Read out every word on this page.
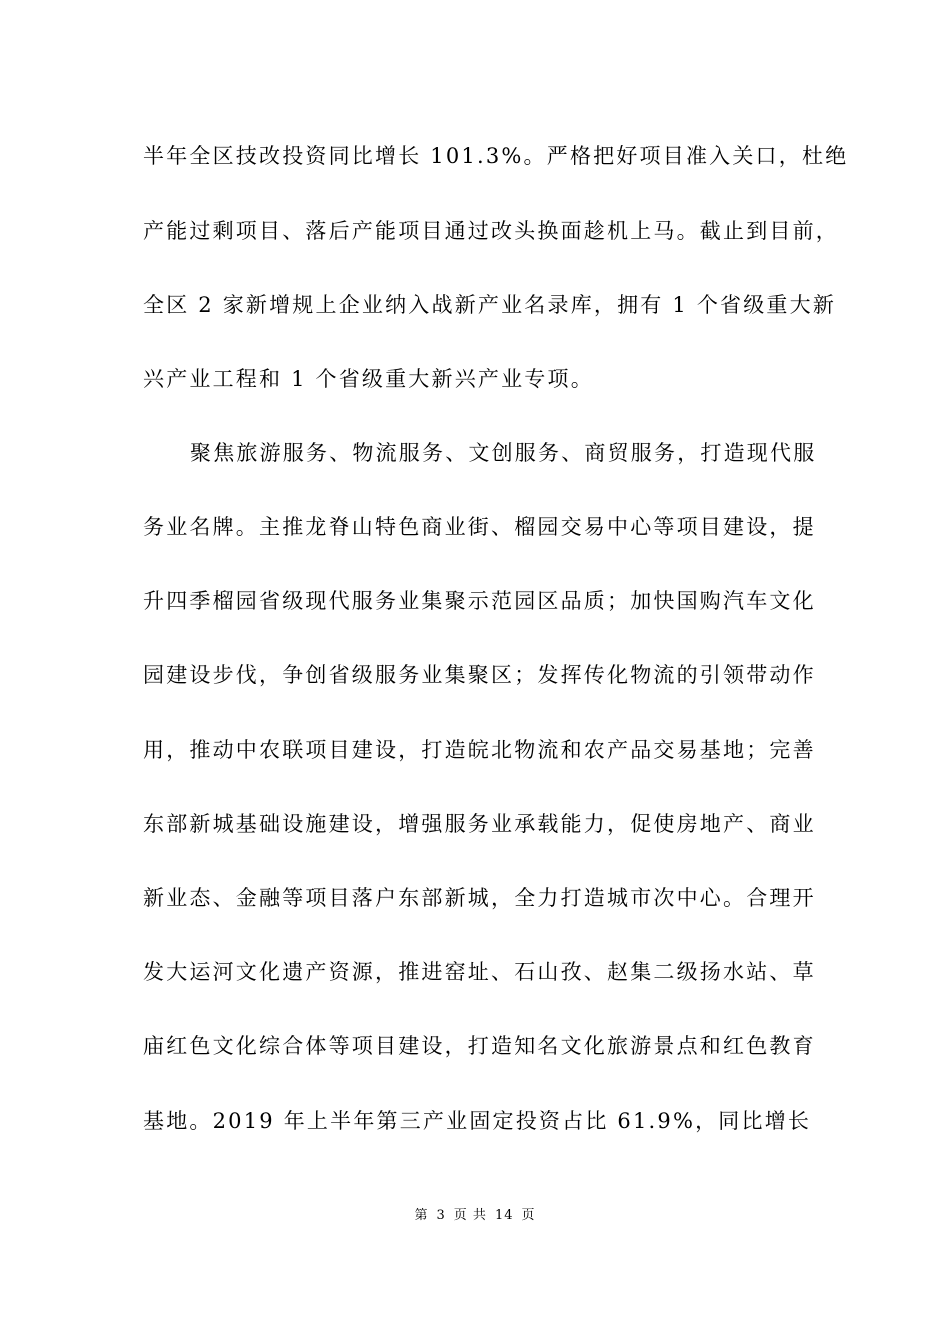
半年全区技改投资同比增长 101.3%。严格把好项目准入关口，杜绝
产能过剩项目、落后产能项目通过改头换面趁机上马。截止到目前，
全区 2 家新增规上企业纳入战新产业名录库，拥有 1 个省级重大新
兴产业工程和 1 个省级重大新兴产业专项。
聚焦旅游服务、物流服务、文创服务、商贸服务，打造现代服
务业名牌。主推龙脊山特色商业街、榴园交易中心等项目建设，提
升四季榴园省级现代服务业集聚示范园区品质；加快国购汽车文化
园建设步伐，争创省级服务业集聚区；发挥传化物流的引领带动作
用，推动中农联项目建设，打造皖北物流和农产品交易基地；完善
东部新城基础设施建设，增强服务业承载能力，促使房地产、商业
新业态、金融等项目落户东部新城，全力打造城市次中心。合理开
发大运河文化遗产资源，推进窑址、石山孜、赵集二级扬水站、草
庙红色文化综合体等项目建设，打造知名文化旅游景点和红色教育
基地。2019 年上半年第三产业固定投资占比 61.9%，同比增长
第 3 页 共 14 页
